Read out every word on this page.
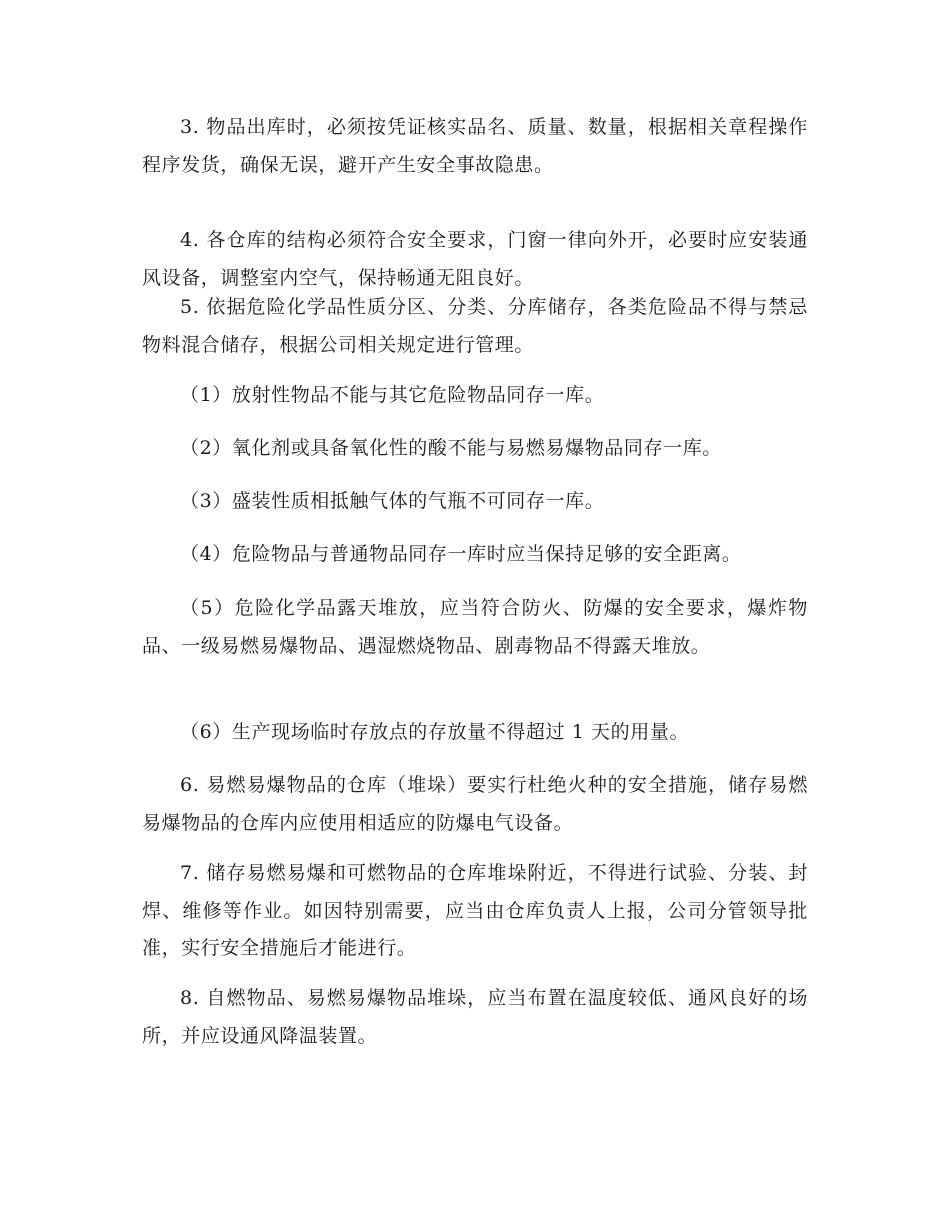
3. 物品出库时，必须按凭证核实品名、质量、数量，根据相关章程操作程序发货，确保无误，避开产生安全事故隐患。

4. 各仓库的结构必须符合安全要求，门窗一律向外开，必要时应安装通风设备，调整室内空气，保持畅通无阻良好。

5. 依据危险化学品性质分区、分类、分库储存，各类危险品不得与禁忌物料混合储存，根据公司相关规定进行管理。

（1）放射性物品不能与其它危险物品同存一库。

（2）氧化剂或具备氧化性的酸不能与易燃易爆物品同存一库。

（3）盛装性质相抵触气体的气瓶不可同存一库。

（4）危险物品与普通物品同存一库时应当保持足够的安全距离。

（5）危险化学品露天堆放，应当符合防火、防爆的安全要求，爆炸物品、一级易燃易爆物品、遇湿燃烧物品、剧毒物品不得露天堆放。

（6）生产现场临时存放点的存放量不得超过 1 天的用量。

6. 易燃易爆物品的仓库（堆垛）要实行杜绝火种的安全措施，储存易燃易爆物品的仓库内应使用相适应的防爆电气设备。

7. 储存易燃易爆和可燃物品的仓库堆垛附近，不得进行试验、分装、封焊、维修等作业。如因特别需要，应当由仓库负责人上报，公司分管领导批准，实行安全措施后才能进行。

8. 自燃物品、易燃易爆物品堆垛，应当布置在温度较低、通风良好的场所，并应设通风降温装置。
